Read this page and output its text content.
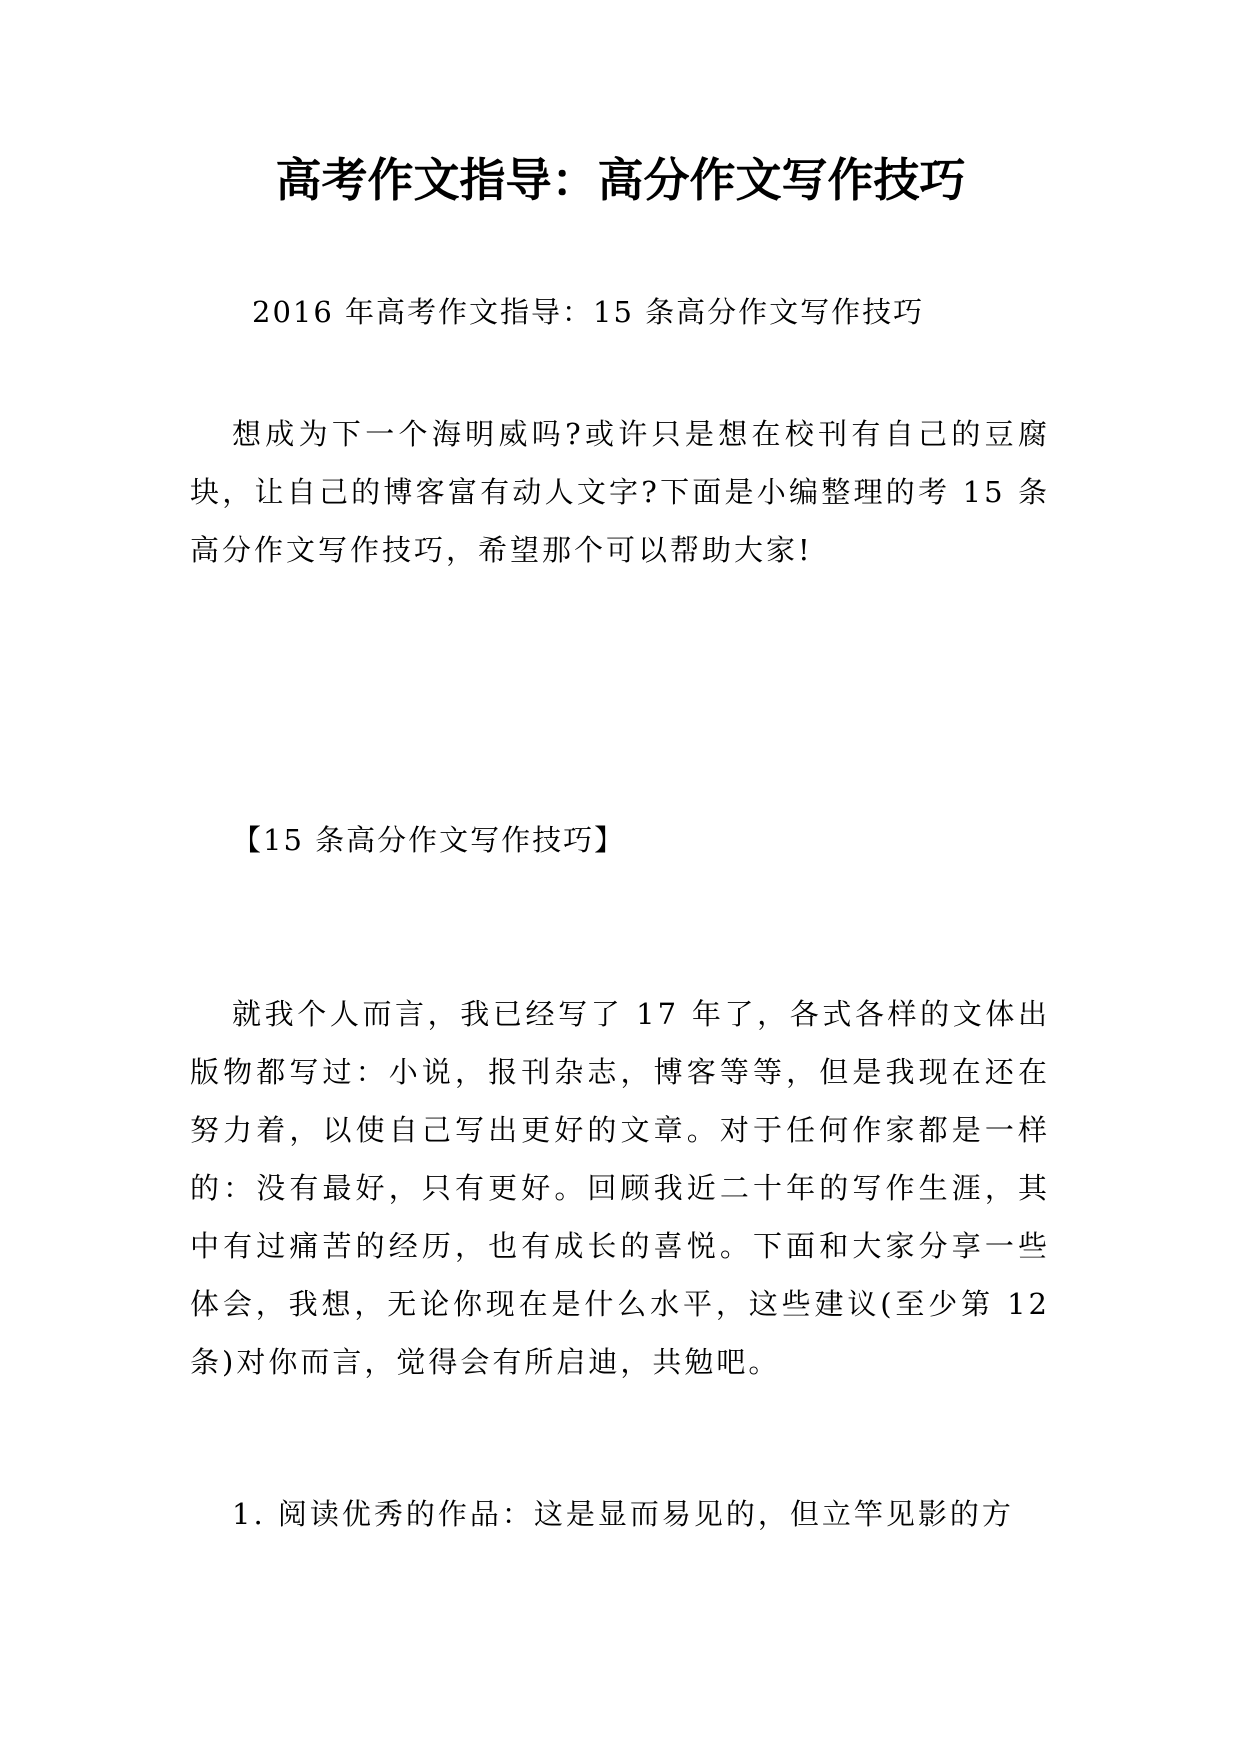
高考作文指导：高分作文写作技巧

2016 年高考作文指导：15 条高分作文写作技巧

想成为下一个海明威吗?或许只是想在校刊有自己的豆腐块，让自己的博客富有动人文字?下面是小编整理的考 15 条高分作文写作技巧，希望那个可以帮助大家!

【15 条高分作文写作技巧】

就我个人而言，我已经写了 17 年了，各式各样的文体出版物都写过：小说，报刊杂志，博客等等，但是我现在还在努力着，以使自己写出更好的文章。对于任何作家都是一样的：没有最好，只有更好。回顾我近二十年的写作生涯，其中有过痛苦的经历，也有成长的喜悦。下面和大家分享一些体会，我想，无论你现在是什么水平，这些建议(至少第 12 条)对你而言，觉得会有所启迪，共勉吧。

1. 阅读优秀的作品：这是显而易见的，但立竿见影的方
